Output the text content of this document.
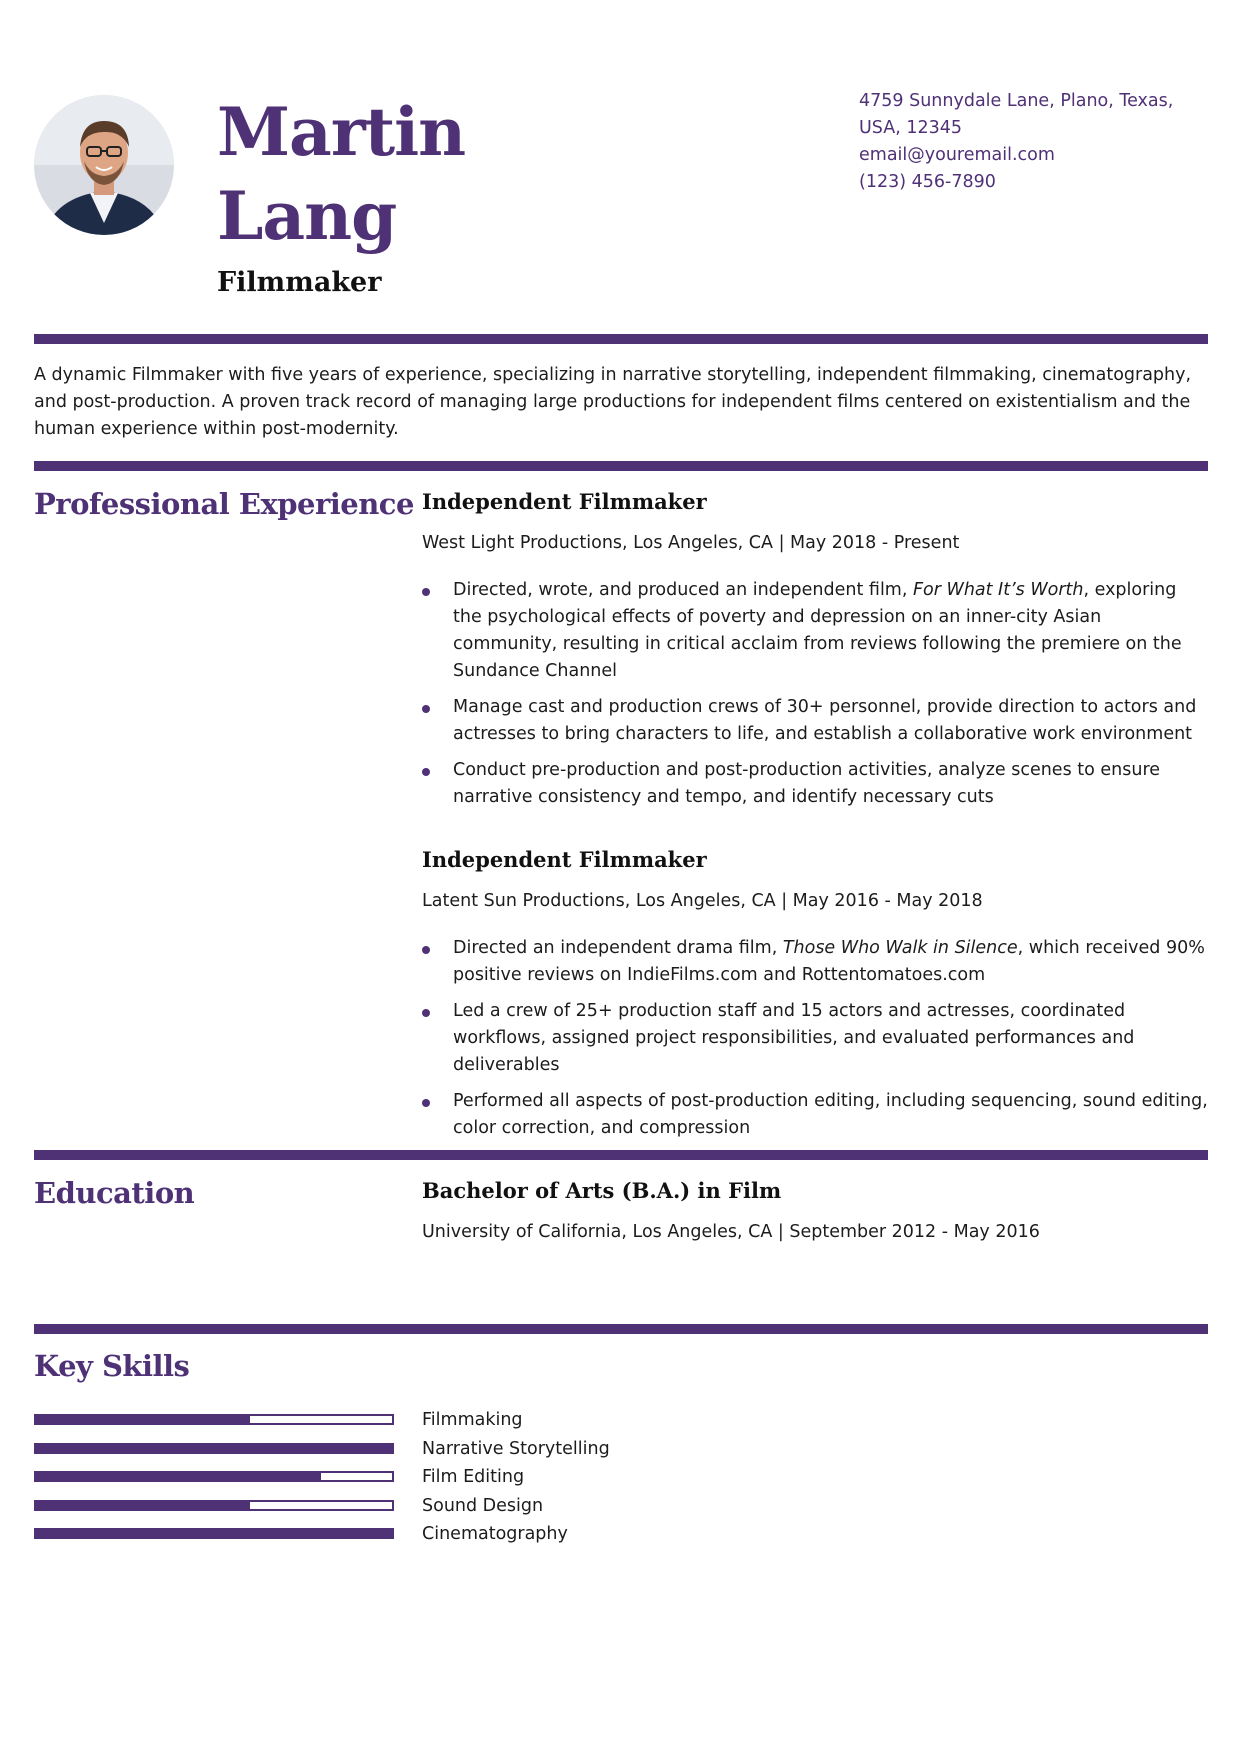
Martin
Lang
Filmmaker
4759 Sunnydale Lane, Plano, Texas, USA, 12345
email@youremail.com
(123) 456-7890
A dynamic Filmmaker with five years of experience, specializing in narrative storytelling, independent filmmaking, cinematography, and post-production. A proven track record of managing large productions for independent films centered on existentialism and the human experience within post-modernity.
Professional Experience Independent Filmmaker
West Light Productions, Los Angeles, CA | May 2018 - Present
Directed, wrote, and produced an independent film, For What It’s Worth, exploring the psychological effects of poverty and depression on an inner-city Asian community, resulting in critical acclaim from reviews following the premiere on the Sundance Channel
Manage cast and production crews of 30+ personnel, provide direction to actors and actresses to bring characters to life, and establish a collaborative work environment
Conduct pre-production and post-production activities, analyze scenes to ensure narrative consistency and tempo, and identify necessary cuts
Independent Filmmaker
Latent Sun Productions, Los Angeles, CA | May 2016 - May 2018
Directed an independent drama film, Those Who Walk in Silence, which received 90% positive reviews on IndieFilms.com and Rottentomatoes.com
Led a crew of 25+ production staff and 15 actors and actresses, coordinated workflows, assigned project responsibilities, and evaluated performances and deliverables
Performed all aspects of post-production editing, including sequencing, sound editing, color correction, and compression
Education	Bachelor of Arts (B.A.) in Film
University of California, Los Angeles, CA | September 2012 - May 2016
Key Skills
Filmmaking
Narrative Storytelling
Film Editing
Sound Design
Cinematography
